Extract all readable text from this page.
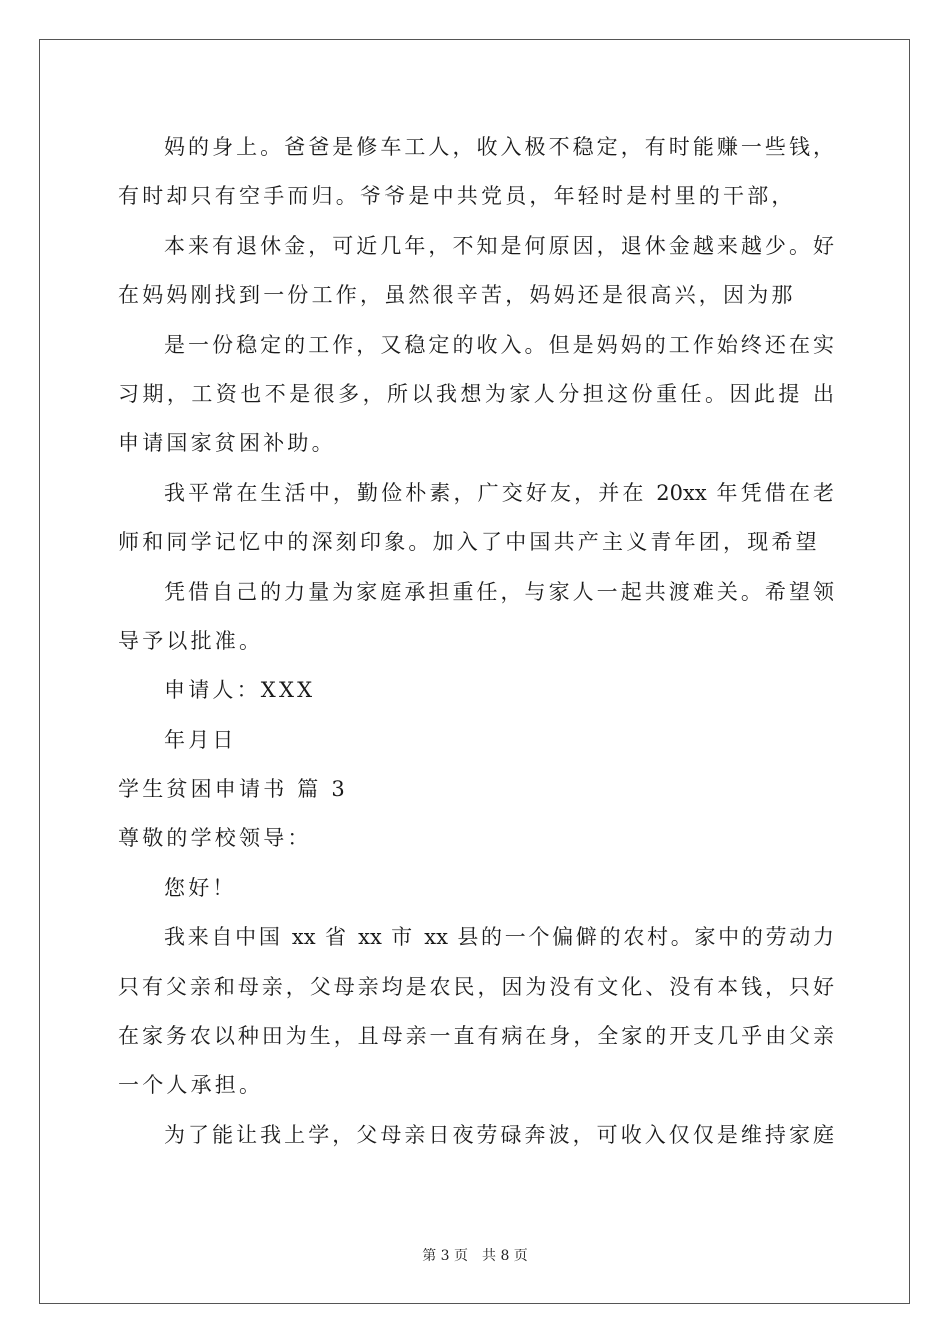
妈的身上。爸爸是修车工人，收入极不稳定，有时能赚一些钱，
有时却只有空手而归。爷爷是中共党员，年轻时是村里的干部，
本来有退休金，可近几年，不知是何原因，退休金越来越少。好
在妈妈刚找到一份工作，虽然很辛苦，妈妈还是很高兴，因为那
是一份稳定的工作，又稳定的收入。但是妈妈的工作始终还在实
习期，工资也不是很多，所以我想为家人分担这份重任。因此提 出
申请国家贫困补助。
我平常在生活中，勤俭朴素，广交好友，并在 20xx 年凭借在老
师和同学记忆中的深刻印象。加入了中国共产主义青年团，现希望
凭借自己的力量为家庭承担重任，与家人一起共渡难关。希望领
导予以批准。
申请人：XXX
年月日
学生贫困申请书 篇 3
尊敬的学校领导：
您好！
我来自中国 xx 省 xx 市 xx 县的一个偏僻的农村。家中的劳动力
只有父亲和母亲，父母亲均是农民，因为没有文化、没有本钱，只好
在家务农以种田为生，且母亲一直有病在身，全家的开支几乎由父亲
一个人承担。
为了能让我上学，父母亲日夜劳碌奔波，可收入仅仅是维持家庭
第 3 页 共 8 页
